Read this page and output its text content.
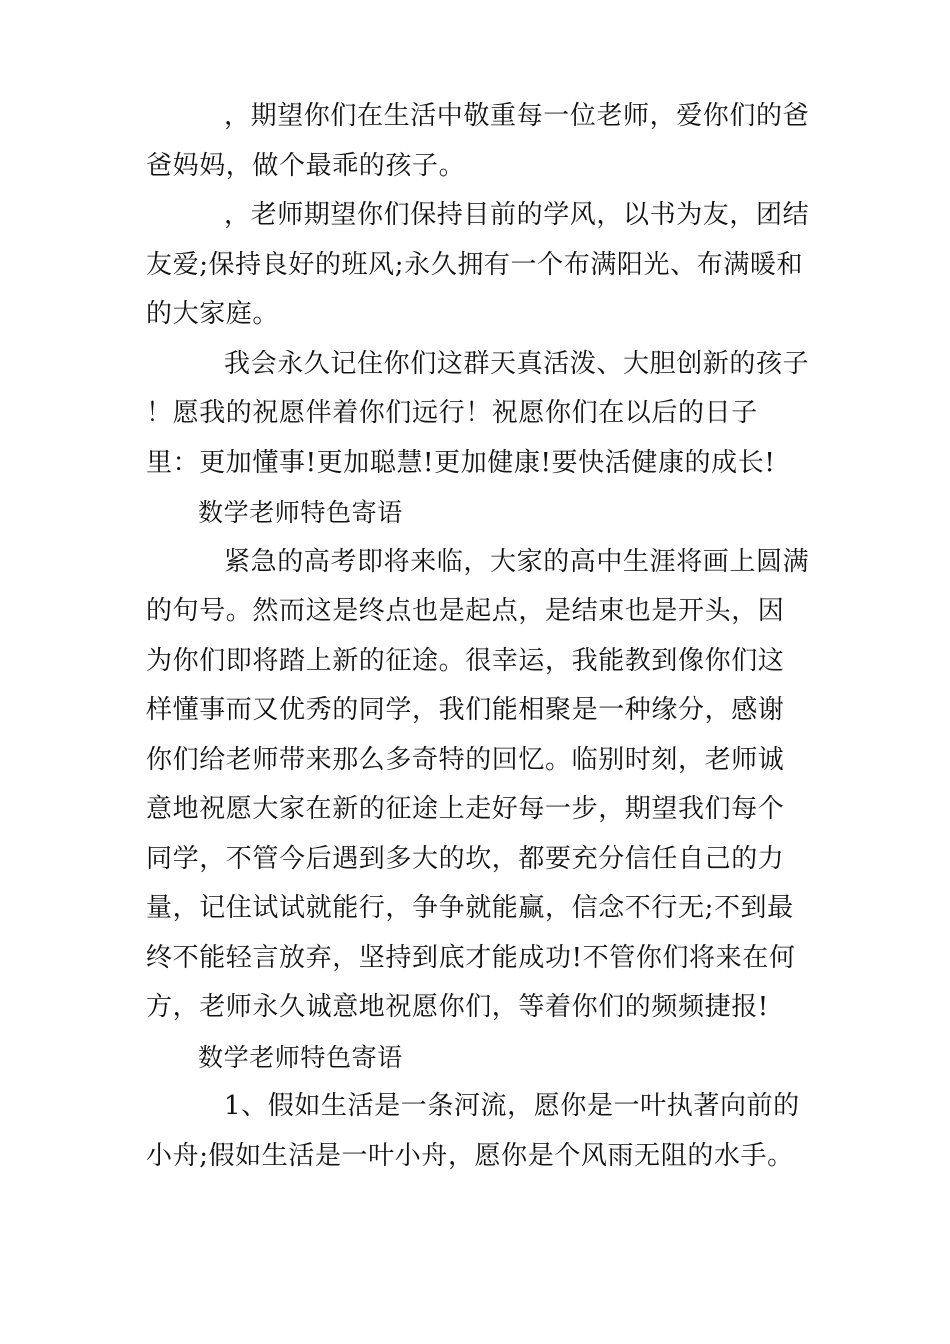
，期望你们在生活中敬重每一位老师，爱你们的爸爸妈妈，做个最乖的孩子。

，老师期望你们保持目前的学风，以书为友，团结友爱;保持良好的班风;永久拥有一个布满阳光、布满暖和的大家庭。

我会永久记住你们这群天真活泼、大胆创新的孩子 ！愿我的祝愿伴着你们远行！祝愿你们在以后的日子里：更加懂事!更加聪慧!更加健康!要快活健康的成长!

数学老师特色寄语

紧急的高考即将来临，大家的高中生涯将画上圆满的句号。然而这是终点也是起点，是结束也是开头，因为你们即将踏上新的征途。很幸运，我能教到像你们这样懂事而又优秀的同学，我们能相聚是一种缘分，感谢你们给老师带来那么多奇特的回忆。临别时刻，老师诚意地祝愿大家在新的征途上走好每一步，期望我们每个同学，不管今后遇到多大的坎，都要充分信任自己的力量，记住试试就能行，争争就能赢，信念不行无;不到最终不能轻言放弃，坚持到底才能成功!不管你们将来在何方，老师永久诚意地祝愿你们，等着你们的频频捷报!

数学老师特色寄语

1、假如生活是一条河流，愿你是一叶执著向前的小舟;假如生活是一叶小舟，愿你是个风雨无阻的水手。
